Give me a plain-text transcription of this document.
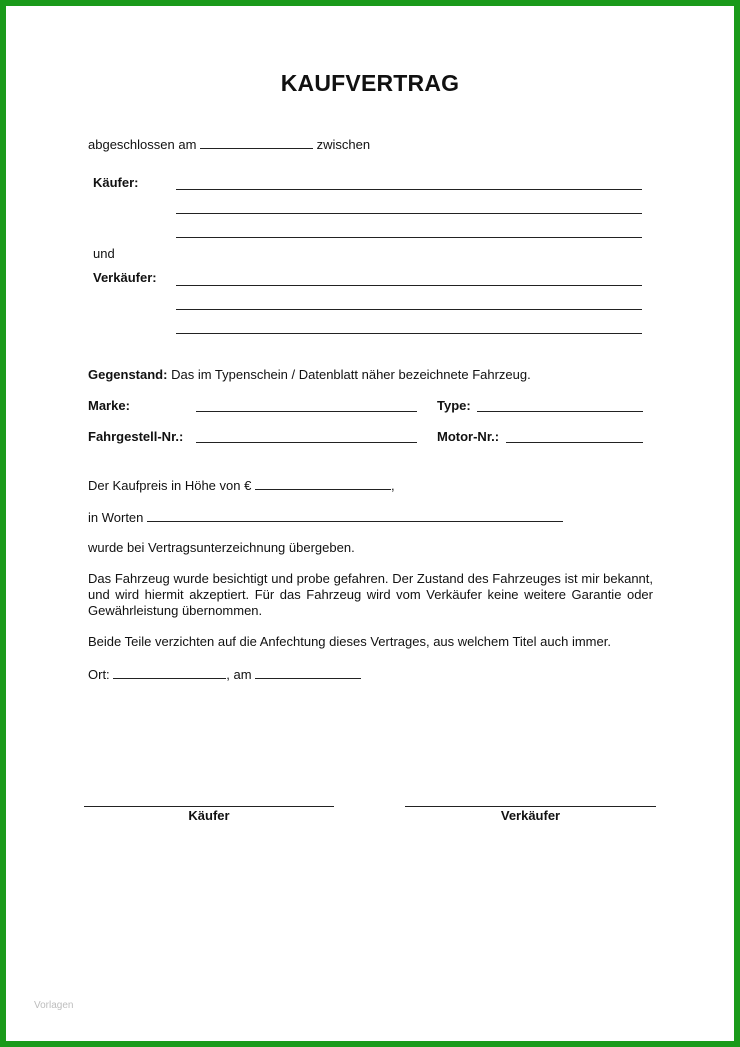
KAUFVERTRAG
abgeschlossen am	zwischen
Käufer:
und
Verkäufer:
Gegenstand: Das im Typenschein / Datenblatt näher bezeichnete Fahrzeug.
Marke:	Type:
Fahrgestell-Nr.:	Motor-Nr.:
Der Kaufpreis in Höhe von €	,
in Worten
wurde bei Vertragsunterzeichnung übergeben.
Das Fahrzeug wurde besichtigt und probe gefahren. Der Zustand des Fahrzeuges ist mir bekannt, und wird hiermit akzeptiert. Für das Fahrzeug wird vom Verkäufer keine weitere Garantie oder Gewährleistung übernommen.
Beide Teile verzichten auf die Anfechtung dieses Vertrages, aus welchem Titel auch immer.
Ort:	, am
Käufer	Verkäufer
Vorlagen
